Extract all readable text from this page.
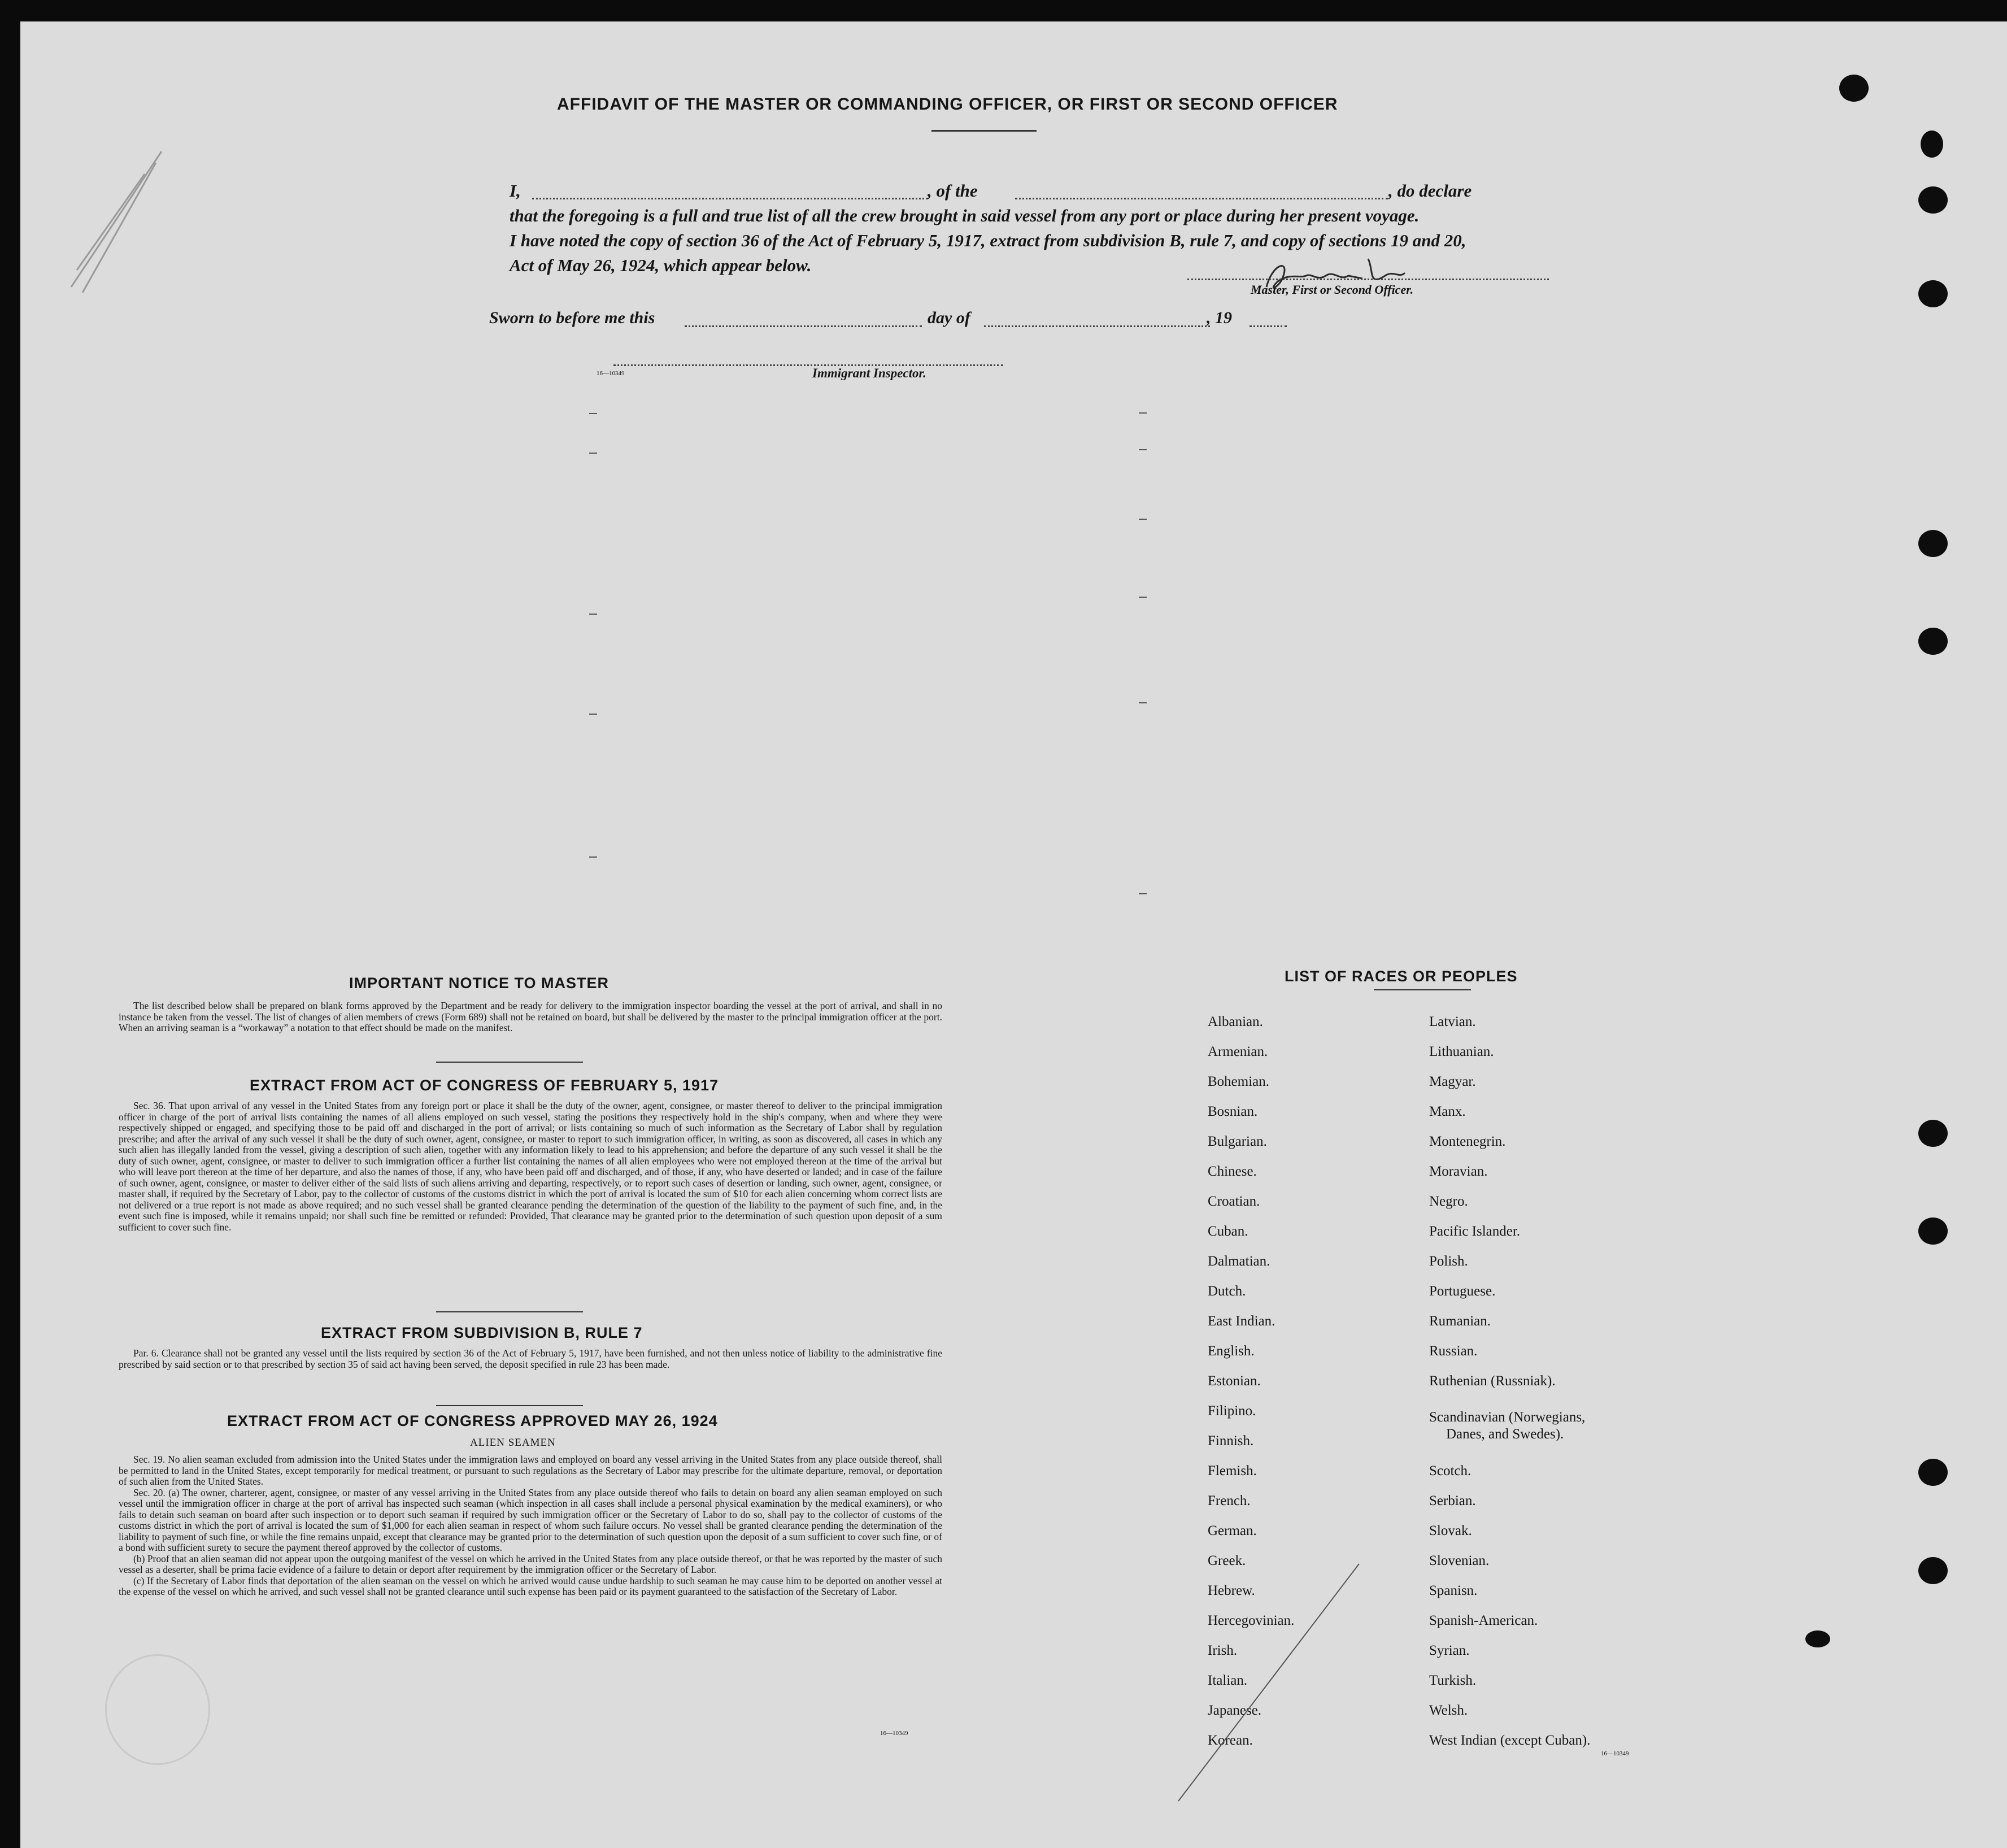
AFFIDAVIT OF THE MASTER OR COMMANDING OFFICER, OR FIRST OR SECOND OFFICER
I,	, of the	, do declare
that the foregoing is a full and true list of all the crew brought in said vessel from any port or place during her present voyage.
I have noted the copy of section 36 of the Act of February 5, 1917, extract from subdivision B, rule 7, and copy of sections 19 and 20,
Act of May 26, 1924, which appear below.
Master, First or Second Officer.
Sworn to before me this	day of	, 19
16—10349	Immigrant Inspector.
IMPORTANT NOTICE TO MASTER

The list described below shall be prepared on blank forms approved by the Department and be ready for delivery to the immigration inspector boarding the vessel at the port of arrival, and shall in no instance be taken from the vessel. The list of changes of alien members of crews (Form 689) shall not be retained on board, but shall be delivered by the master to the principal immigration officer at the port. When an arriving seaman is a “workaway” a notation to that effect should be made on the manifest.

EXTRACT FROM ACT OF CONGRESS OF FEBRUARY 5, 1917

Sec. 36. That upon arrival of any vessel in the United States from any foreign port or place it shall be the duty of the owner, agent, consignee, or master thereof to deliver to the principal immigration officer in charge of the port of arrival lists containing the names of all aliens employed on such vessel, stating the positions they respectively hold in the ship's company, when and where they were respectively shipped or engaged, and specifying those to be paid off and discharged in the port of arrival; or lists containing so much of such information as the Secretary of Labor shall by regulation prescribe; and after the arrival of any such vessel it shall be the duty of such owner, agent, consignee, or master to report to such immigration officer, in writing, as soon as discovered, all cases in which any such alien has illegally landed from the vessel, giving a description of such alien, together with any information likely to lead to his apprehension; and before the departure of any such vessel it shall be the duty of such owner, agent, consignee, or master to deliver to such immigration officer a further list containing the names of all alien employees who were not employed thereon at the time of the arrival but who will leave port thereon at the time of her departure, and also the names of those, if any, who have been paid off and discharged, and of those, if any, who have deserted or landed; and in case of the failure of such owner, agent, consignee, or master to deliver either of the said lists of such aliens arriving and departing, respectively, or to report such cases of desertion or landing, such owner, agent, consignee, or master shall, if required by the Secretary of Labor, pay to the collector of customs of the customs district in which the port of arrival is located the sum of $10 for each alien concerning whom correct lists are not delivered or a true report is not made as above required; and no such vessel shall be granted clearance pending the determination of the question of the liability to the payment of such fine, and, in the event such fine is imposed, while it remains unpaid; nor shall such fine be remitted or refunded: Provided, That clearance may be granted prior to the determination of such question upon deposit of a sum sufficient to cover such fine.

EXTRACT FROM SUBDIVISION B, RULE 7

Par. 6. Clearance shall not be granted any vessel until the lists required by section 36 of the Act of February 5, 1917, have been furnished, and not then unless notice of liability to the administrative fine prescribed by said section or to that prescribed by section 35 of said act having been served, the deposit specified in rule 23 has been made.

EXTRACT FROM ACT OF CONGRESS APPROVED MAY 26, 1924
ALIEN SEAMEN

Sec. 19. No alien seaman excluded from admission into the United States under the immigration laws and employed on board any vessel arriving in the United States from any place outside thereof, shall be permitted to land in the United States, except temporarily for medical treatment, or pursuant to such regulations as the Secretary of Labor may prescribe for the ultimate departure, removal, or deportation of such alien from the United States.

Sec. 20. (a) The owner, charterer, agent, consignee, or master of any vessel arriving in the United States from any place outside thereof who fails to detain on board any alien seaman employed on such vessel until the immigration officer in charge at the port of arrival has inspected such seaman (which inspection in all cases shall include a personal physical examination by the medical examiners), or who fails to detain such seaman on board after such inspection or to deport such seaman if required by such immigration officer or the Secretary of Labor to do so, shall pay to the collector of customs of the customs district in which the port of arrival is located the sum of $1,000 for each alien seaman in respect of whom such failure occurs. No vessel shall be granted clearance pending the determination of the liability to payment of such fine, or while the fine remains unpaid, except that clearance may be granted prior to the determination of such question upon the deposit of a sum sufficient to cover such fine, or of a bond with sufficient surety to secure the payment thereof approved by the collector of customs.

(b) Proof that an alien seaman did not appear upon the outgoing manifest of the vessel on which he arrived in the United States from any place outside thereof, or that he was reported by the master of such vessel as a deserter, shall be prima facie evidence of a failure to detain or deport after requirement by the immigration officer or the Secretary of Labor.

(c) If the Secretary of Labor finds that deportation of the alien seaman on the vessel on which he arrived would cause undue hardship to such seaman he may cause him to be deported on another vessel at the expense of the vessel on which he arrived, and such vessel shall not be granted clearance until such expense has been paid or its payment guaranteed to the satisfaction of the Secretary of Labor.

16—10349
LIST OF RACES OR PEOPLES
Albanian.
Armenian.
Bohemian.
Bosnian.
Bulgarian.
Chinese.
Croatian.
Cuban.
Dalmatian.
Dutch.
East Indian.
English.
Estonian.
Filipino.
Finnish.
Flemish.
French.
German.
Greek.
Hebrew.
Hercegovinian.
Irish.
Italian.
Japanese.
Korean.
Latvian.
Lithuanian.
Magyar.
Manx.
Montenegrin.
Moravian.
Negro.
Pacific Islander.
Polish.
Portuguese.
Rumanian.
Russian.
Ruthenian (Russniak).
Scandinavian (Norwegians,
Danes, and Swedes).
Scotch.
Serbian.
Slovak.
Slovenian.
Spanisn.
Spanish-American.
Syrian.
Turkish.
Welsh.
West Indian (except Cuban).
16—10349
